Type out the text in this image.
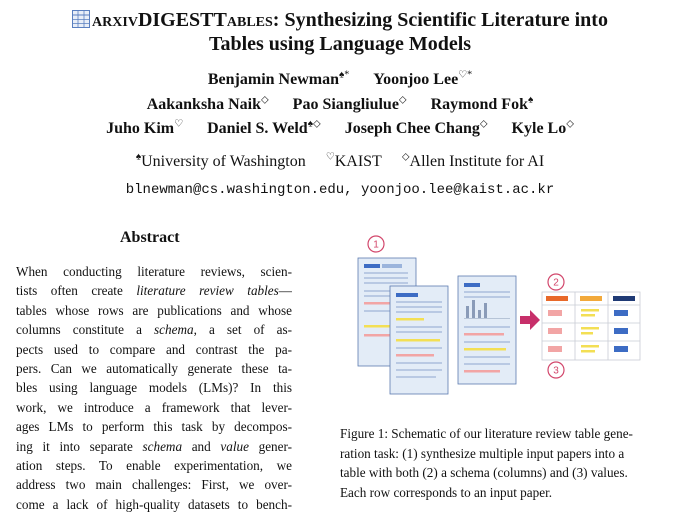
arxivDIGESTTables: Synthesizing Scientific Literature into
Tables using Language Models
Benjamin Newman♠* Yoonjoo Lee♡*
Aakanksha Naik◇ Pao Siangliulue◇ Raymond Fok♠
Juho Kim♡ Daniel S. Weld♠◇ Joseph Chee Chang◇ Kyle Lo◇
♠University of Washington ♡KAIST ◇Allen Institute for AI
blnewman@cs.washington.edu, yoonjoo.lee@kaist.ac.kr
Abstract
When conducting literature reviews, scien-
tists often create literature review tables—
tables whose rows are publications and whose
columns constitute a schema, a set of as-
pects used to compare and contrast the pa-
pers. Can we automatically generate these ta-
bles using language models (LMs)? In this
work, we introduce a framework that lever-
ages LMs to perform this task by decompos-
ing it into separate schema and value gener-
ation steps. To enable experimentation, we
address two main challenges: First, we over-
come a lack of high-quality datasets to bench-
1
2
3
Figure 1: Schematic of our literature review table gene-
ration task: (1) synthesize multiple input papers into a
table with both (2) a schema (columns) and (3) values.
Each row corresponds to an input paper.
